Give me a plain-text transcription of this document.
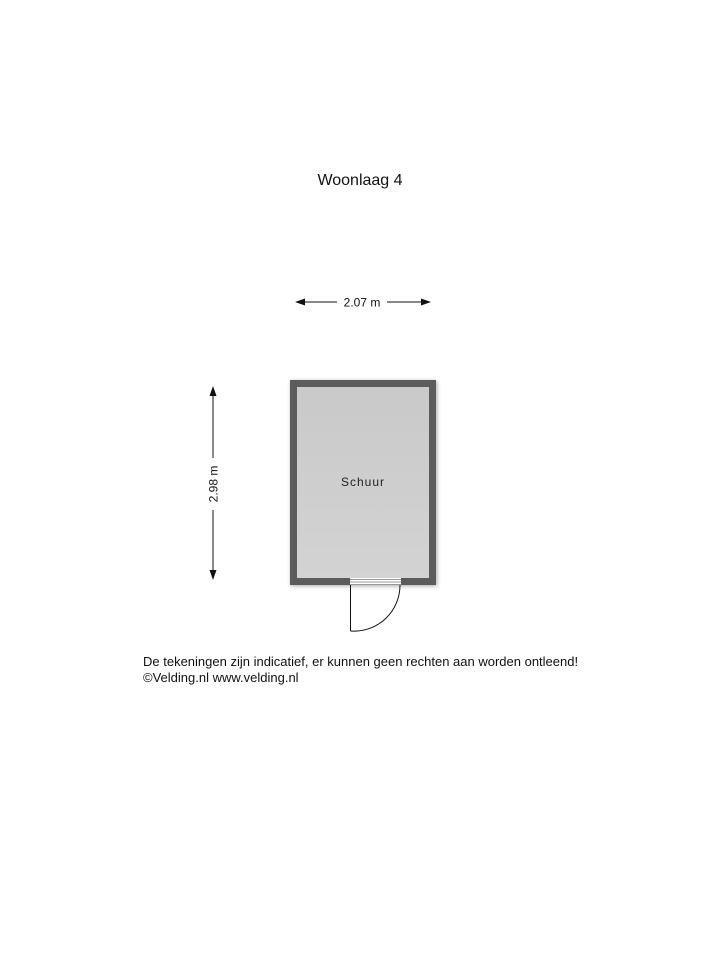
Woonlaag 4
2.07 m
2.98 m	Schuur
De tekeningen zijn indicatief, er kunnen geen rechten aan worden ontleend!
©Velding.nl www.velding.nl
